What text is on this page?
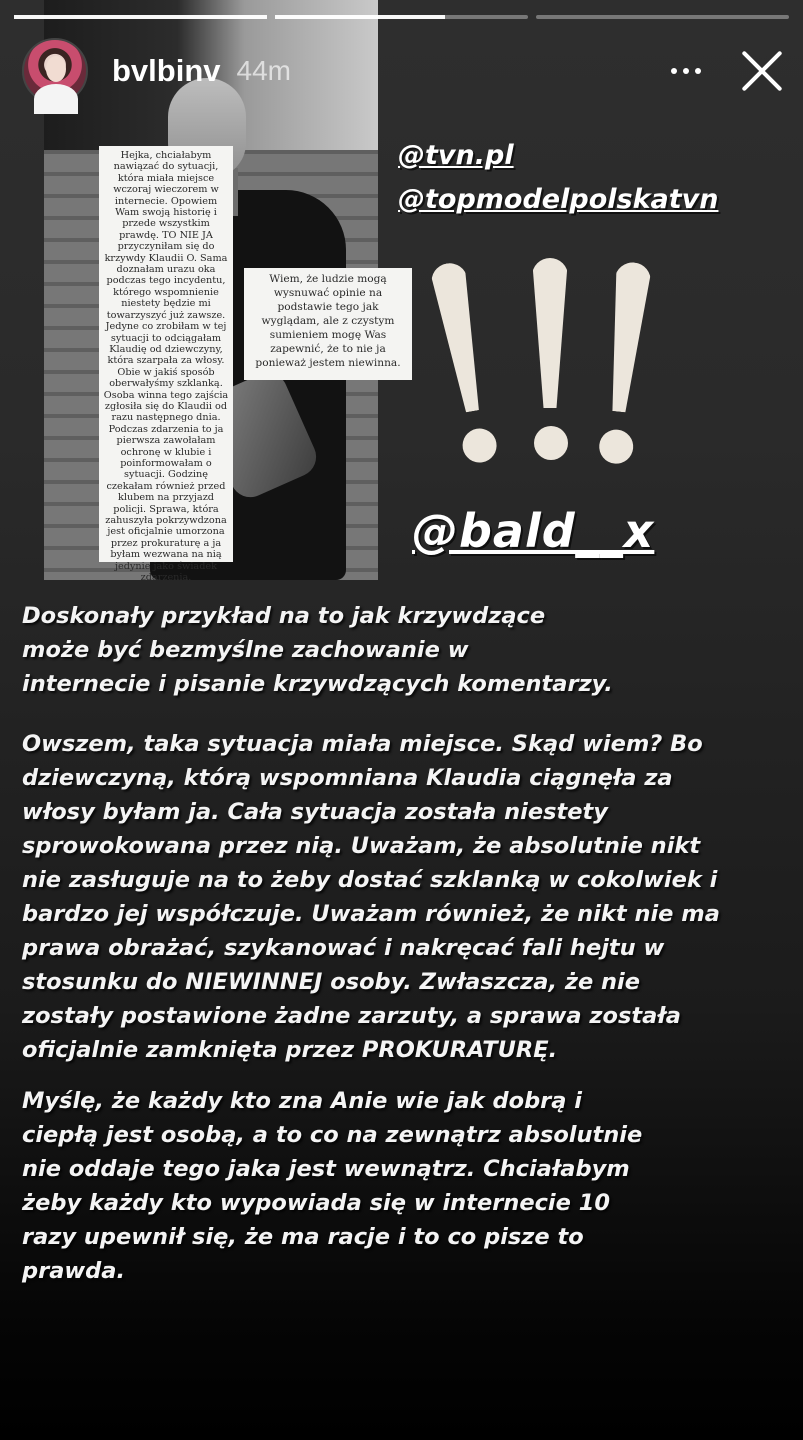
Hejka, chciałabym nawiązać do sytuacji, która miała miejsce wczoraj wieczorem w internecie. Opowiem Wam swoją historię i przede wszystkim prawdę. TO NIE JA przyczyniłam się do krzywdy Klaudii O. Sama doznałam urazu oka podczas tego incydentu, którego wspomnienie niestety będzie mi towarzyszyć już zawsze. Jedyne co zrobiłam w tej sytuacji to odciągałam Klaudię od dziewczyny, która szarpała za włosy. Obie w jakiś sposób oberwałyśmy szklanką. Osoba winna tego zajścia zgłosiła się do Klaudii od razu następnego dnia. Podczas zdarzenia to ja pierwsza zawołałam ochronę w klubie i poinformowałam o sytuacji. Godzinę czekałam również przed klubem na przyjazd policji. Sprawa, która zahuszyła pokrzywdzona jest oficjalnie umorzona przez prokuraturę a ja byłam wezwana na nią jedynie jako świadek zdarzenia.
Wiem, że ludzie mogą wysnuwać opinie na podstawie tego jak wyglądam, ale z czystym sumieniem mogę Was zapewnić, że to nie ja ponieważ jestem niewinna.
bvlbinv 44m
@tvn.pl
@topmodelpolskatvn
@bald__x
Doskonały przykład na to jak krzywdzące
może być bezmyślne zachowanie w
internecie i pisanie krzywdzących komentarzy.
Owszem, taka sytuacja miała miejsce. Skąd wiem? Bo
dziewczyną, którą wspomniana Klaudia ciągnęła za
włosy byłam ja. Cała sytuacja została niestety
sprowokowana przez nią. Uważam, że absolutnie nikt
nie zasługuje na to żeby dostać szklanką w cokolwiek i
bardzo jej współczuje. Uważam również, że nikt nie ma
prawa obrażać, szykanować i nakręcać fali hejtu w
stosunku do NIEWINNEJ osoby. Zwłaszcza, że nie
zostały postawione żadne zarzuty, a sprawa została
oficjalnie zamknięta przez PROKURATURĘ.
Myślę, że każdy kto zna Anie wie jak dobrą i
ciepłą jest osobą, a to co na zewnątrz absolutnie
nie oddaje tego jaka jest wewnątrz. Chciałabym
żeby każdy kto wypowiada się w internecie 10
razy upewnił się, że ma racje i to co pisze to
prawda.
